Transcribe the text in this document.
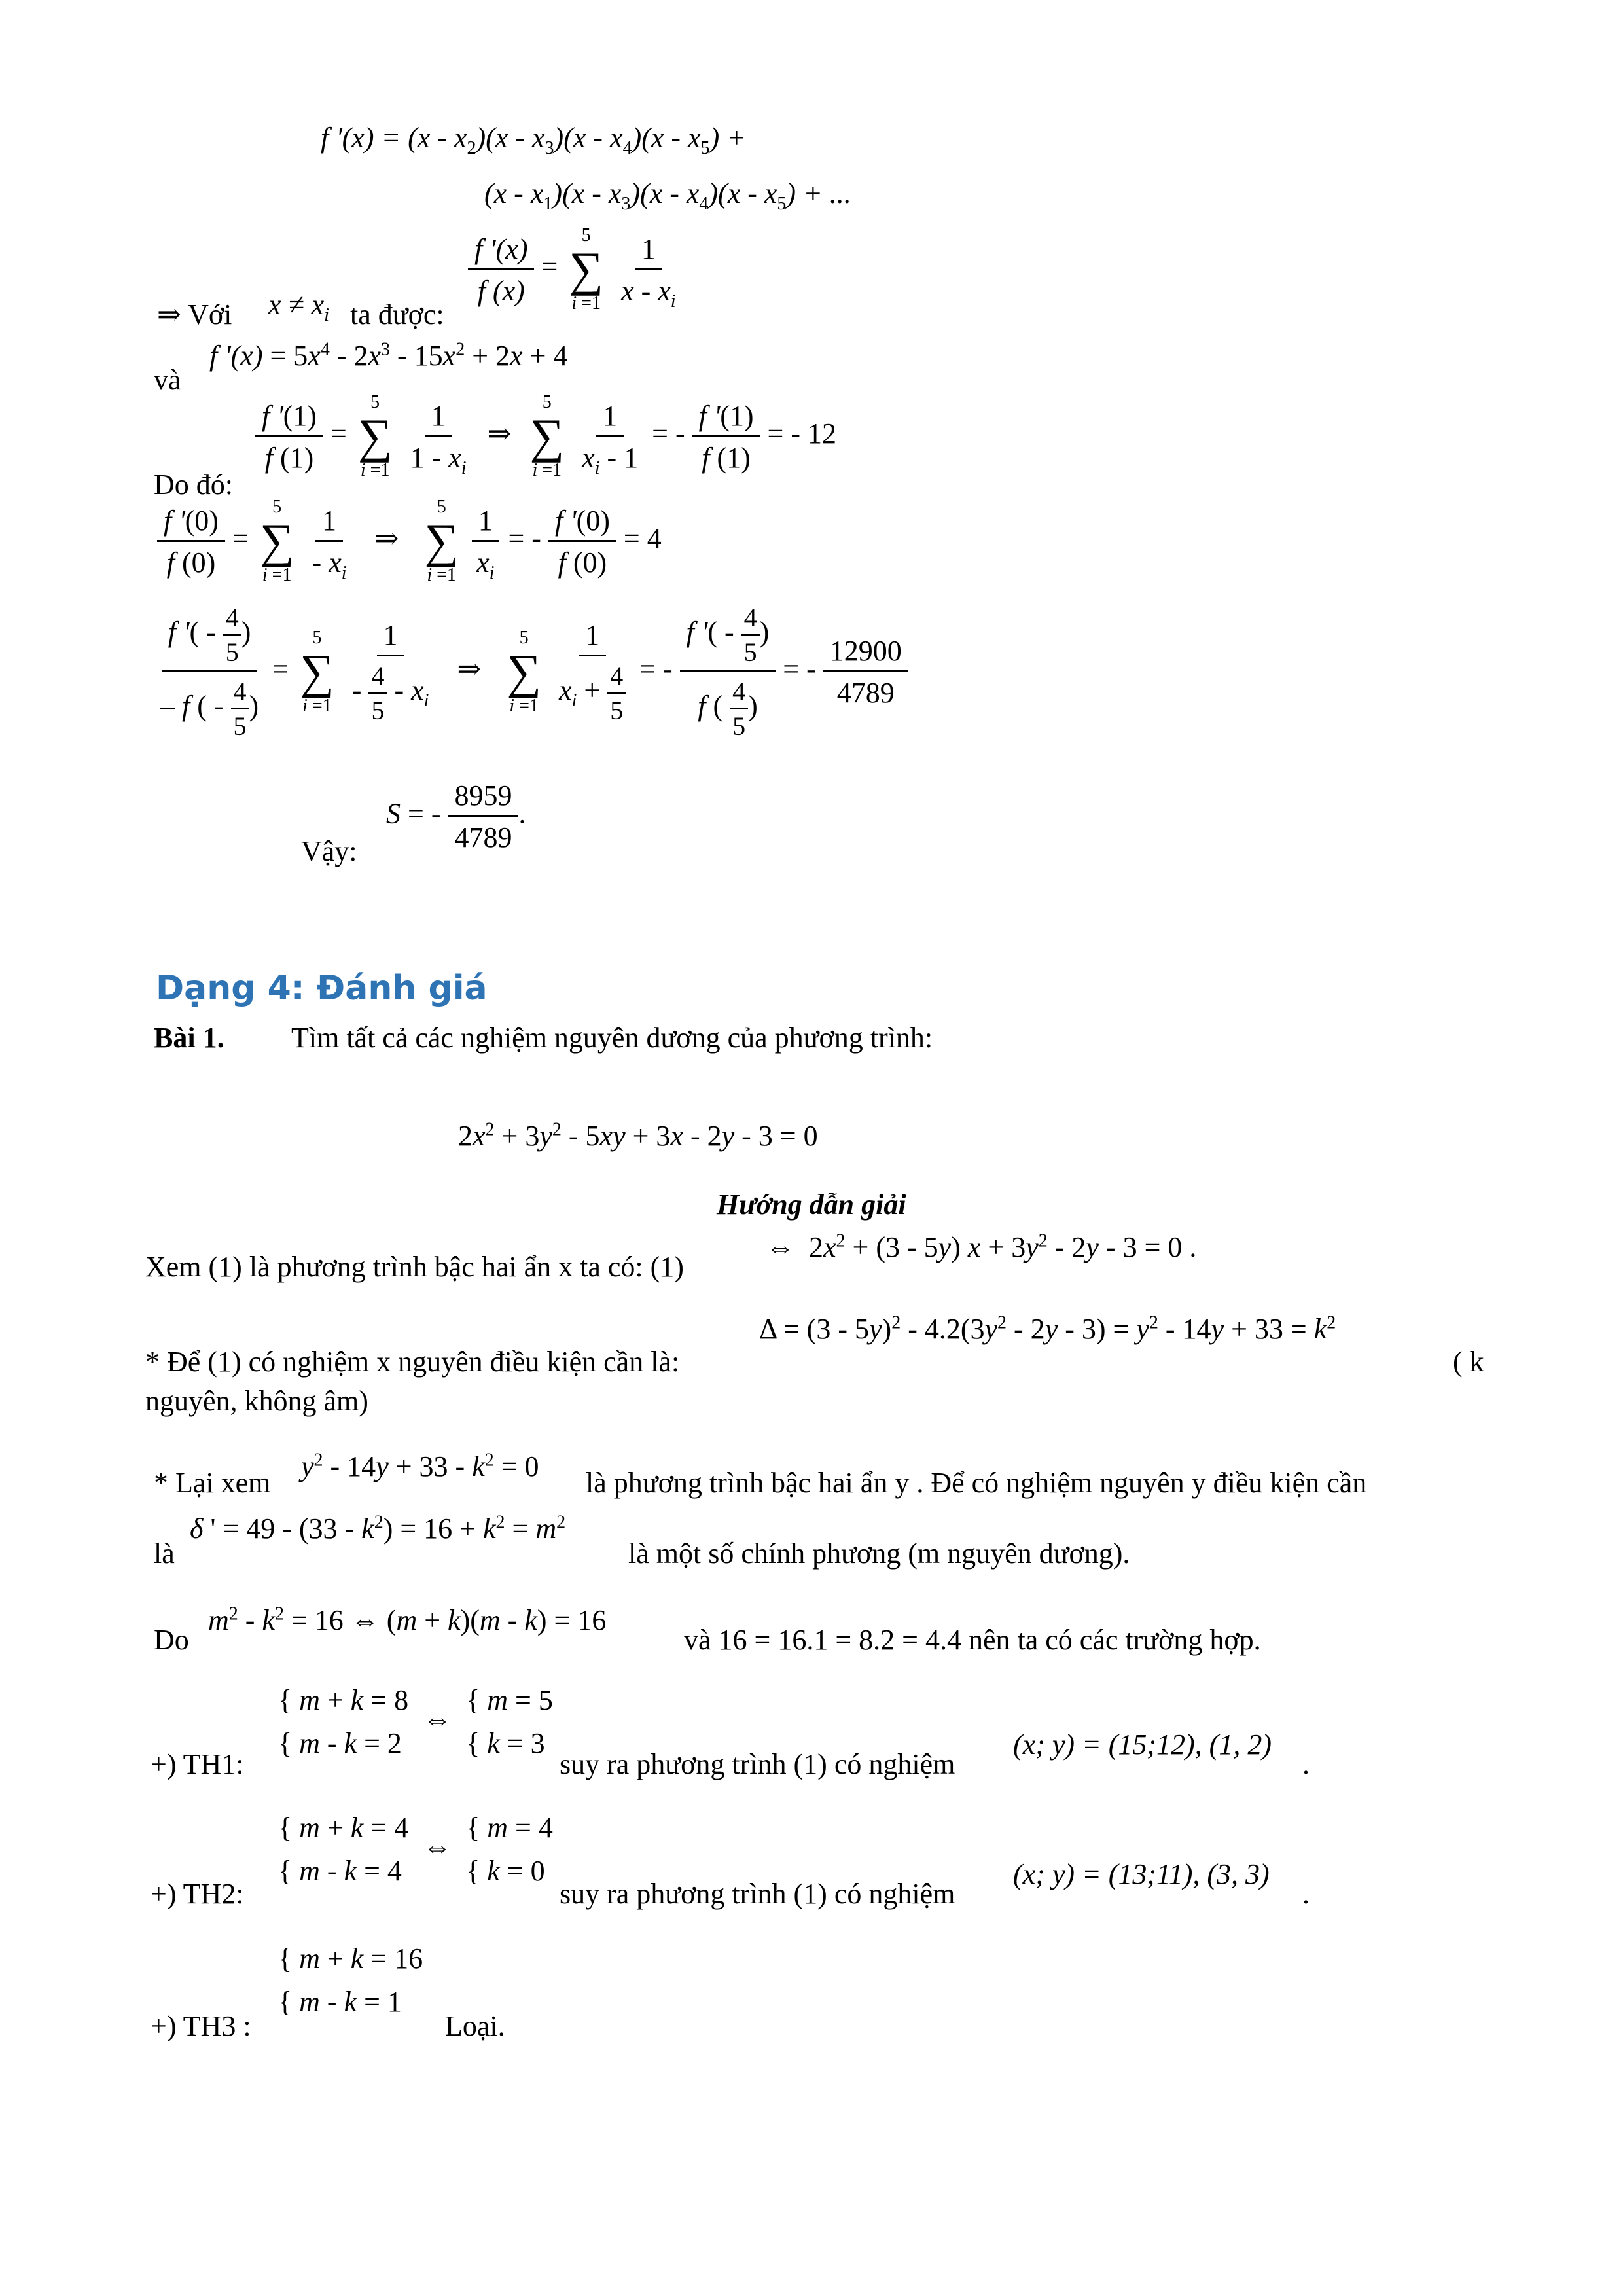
f '$(x) = (x - x_2)(x - x_3)(x - x_4)(x - x_5)$ +
$(x - x_1)(x - x_3)(x - x_4)(x - x_5)$ + ...
$\frac{f '(x)}{f (x)}$ =
5
∑
i =1
$\frac{1}{x - x_i}$
⇒ Với $x \ne x_i$ ta được:
và
f '$(x) = 5x^4 - 2x^3 - 15x^2 + 2x + 4$
$\frac{f '(1)}{f (1)}$ =
5
∑
i =1
$\frac{1}{1 - x_i}$ ⇒
5
∑
i =1
$\frac{1}{x_i - 1}$ = - $\frac{f '(1)}{f (1)}$ = - 12
Do đó:
$\frac{f '(0)}{f (0)}$ =
5
∑
i =1
$\frac{1}{- x_i}$ ⇒
5
∑
i =1
$\frac{1}{x_i}$ = - $\frac{f '(0)}{f (0)} = 4$
$\frac{f '( - \frac{4}{5} )}{- f ( - \frac{4}{5} )}$ =
5
∑
i =1
$\frac{1}{- \frac{4}{5} - x_i}$ ⇒
5
∑
i =1
$\frac{1}{x_i + \frac{4}{5}}$ = - $\frac{f '( - \frac{4}{5} )}{f ( \frac{4}{5} )}$ = - $\frac{12900}{4789}$
Vậy:
S = - $\frac{8959}{4789}$ .
Dạng 4: Đánh giá
Bài 1. Tìm tất cả các nghiệm nguyên dương của phương trình:
$2x^2 + 3y^2 - 5xy + 3x - 2y - 3 = 0$
Hướng dẫn giải
Xem (1) là phương trình bậc hai ẩn x ta có: (1)
⇔  $2x^2 + (3 - 5y) x + 3y^2 - 2y - 3 = 0$ .
$\Delta = (3 - 5y)^2 - 4.2(3y^2 - 2y - 3) = y^2 - 14y + 33 = k^2$
* Để (1) có nghiệm x nguyên điều kiện cần là:	( k
nguyên, không âm)
* Lại xem
$y^2 - 14y + 33 - k^2 = 0$
là phương trình bậc hai ẩn y . Để có nghiệm nguyên y điều kiện cần
δ ' = $49 - (33 - k^2) = 16 + k^2 = m^2$
là	là một số chính phương (m nguyên dương).
Do
$m^2 - k^2 = 16$ ⇔ (m + k)(m - k) = 16
và 16 = 16.1 = 8.2 = 4.4 nên ta có các trường hợp.
{ m + k = 8
{ m - k = 2
⇔
{ m = 5
{ k = 3
+) TH1:	suy ra phương trình (1) có nghiệm
(x; y) = (15;12), (1, 2)
.
{ m + k = 4
{ m - k = 4
⇔
{ m = 4
{ k = 0
+) TH2:	suy ra phương trình (1) có nghiệm
(x; y) = (13;11), (3, 3)
.
{ m + k = 16
{ m - k = 1
+) TH3 :	Loại.
